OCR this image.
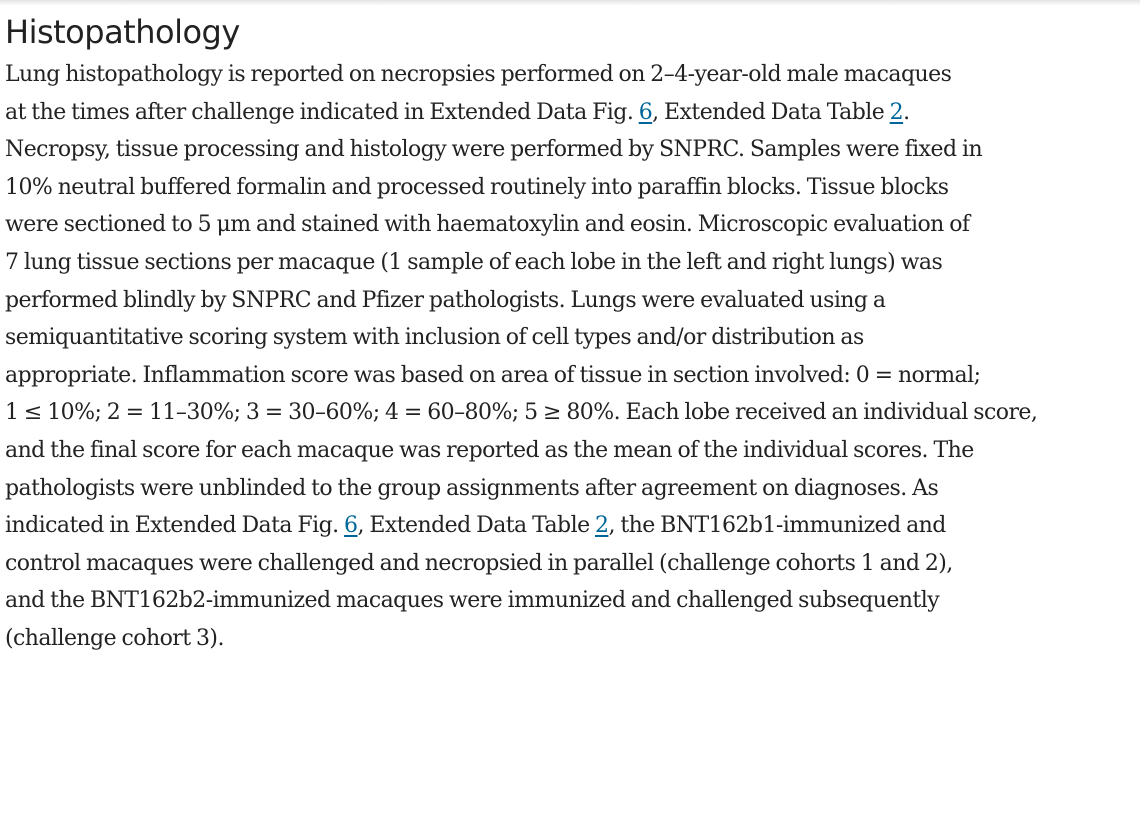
Histopathology

Lung histopathology is reported on necropsies performed on 2–4-year-old male macaques
at the times after challenge indicated in Extended Data Fig. 6, Extended Data Table 2.
Necropsy, tissue processing and histology were performed by SNPRC. Samples were fixed in
10% neutral buffered formalin and processed routinely into paraffin blocks. Tissue blocks
were sectioned to 5 μm and stained with haematoxylin and eosin. Microscopic evaluation of
7 lung tissue sections per macaque (1 sample of each lobe in the left and right lungs) was
performed blindly by SNPRC and Pfizer pathologists. Lungs were evaluated using a
semiquantitative scoring system with inclusion of cell types and/or distribution as
appropriate. Inflammation score was based on area of tissue in section involved: 0 = normal;
1 ≤ 10%; 2 = 11–30%; 3 = 30–60%; 4 = 60–80%; 5 ≥ 80%. Each lobe received an individual score,
and the final score for each macaque was reported as the mean of the individual scores. The
pathologists were unblinded to the group assignments after agreement on diagnoses. As
indicated in Extended Data Fig. 6, Extended Data Table 2, the BNT162b1-immunized and
control macaques were challenged and necropsied in parallel (challenge cohorts 1 and 2),
and the BNT162b2-immunized macaques were immunized and challenged subsequently
(challenge cohort 3).
